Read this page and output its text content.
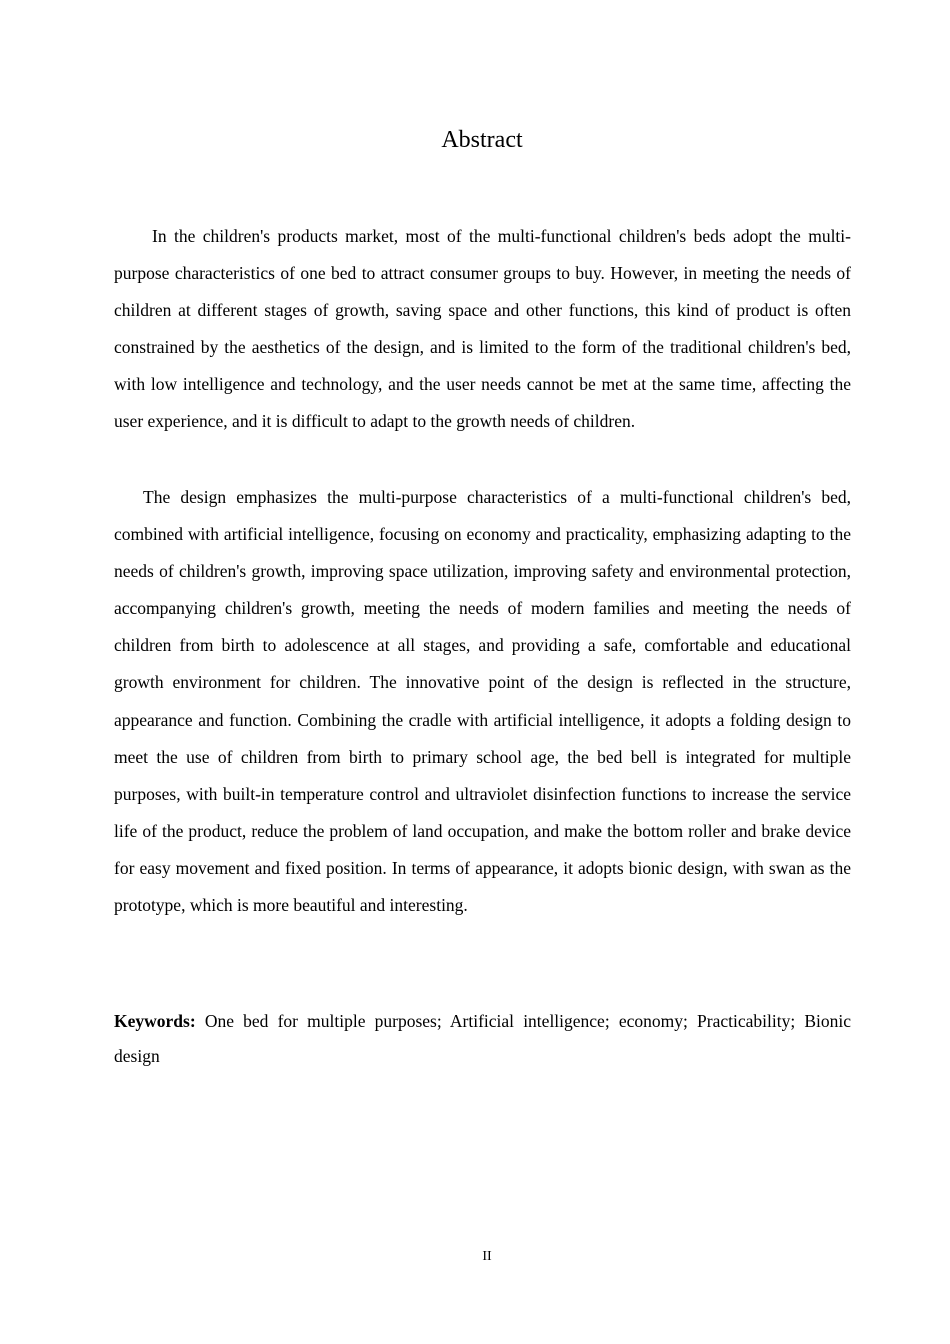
Abstract

In the children's products market, most of the multi-functional children's beds adopt the multi-purpose characteristics of one bed to attract consumer groups to buy. However, in meeting the needs of children at different stages of growth, saving space and other functions, this kind of product is often constrained by the aesthetics of the design, and is limited to the form of the traditional children's bed, with low intelligence and technology, and the user needs cannot be met at the same time, affecting the user experience, and it is difficult to adapt to the growth needs of children.

The design emphasizes the multi-purpose characteristics of a multi-functional children's bed, combined with artificial intelligence, focusing on economy and practicality, emphasizing adapting to the needs of children's growth, improving space utilization, improving safety and environmental protection, accompanying children's growth, meeting the needs of modern families and meeting the needs of children from birth to adolescence at all stages, and providing a safe, comfortable and educational growth environment for children. The innovative point of the design is reflected in the structure, appearance and function. Combining the cradle with artificial intelligence, it adopts a folding design to meet the use of children from birth to primary school age, the bed bell is integrated for multiple purposes, with built-in temperature control and ultraviolet disinfection functions to increase the service life of the product, reduce the problem of land occupation, and make the bottom roller and brake device for easy movement and fixed position. In terms of appearance, it adopts bionic design, with swan as the prototype, which is more beautiful and interesting.

Keywords: One bed for multiple purposes; Artificial intelligence; economy; Practicability; Bionic design

II
